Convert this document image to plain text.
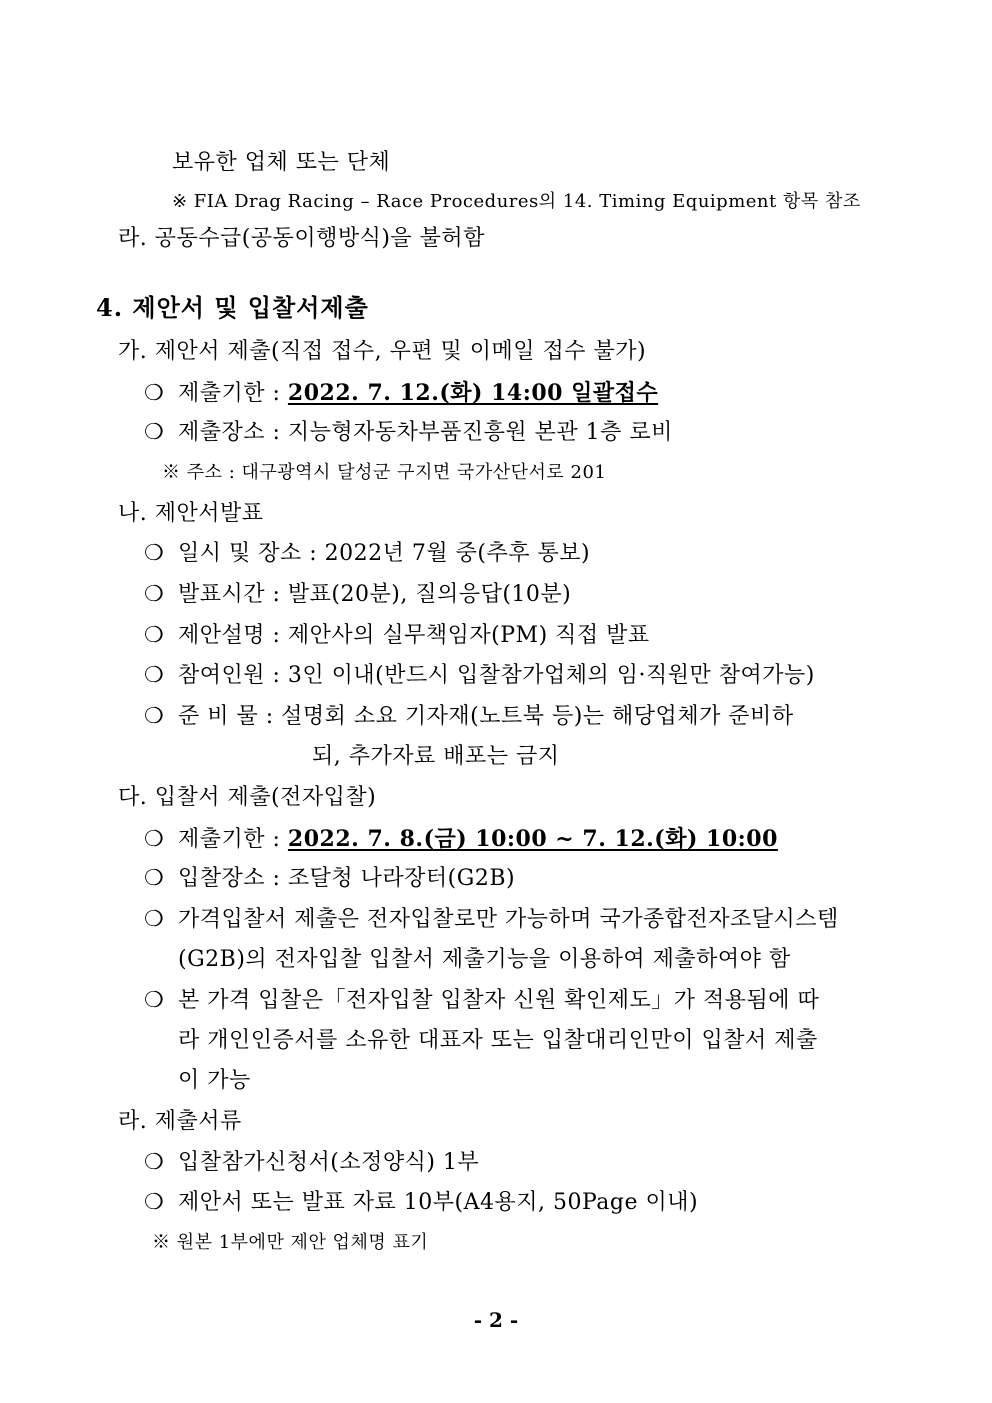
보유한 업체 또는 단체
※ FIA Drag Racing – Race Procedures의 14. Timing Equipment 항목 참조
라. 공동수급(공동이행방식)을 불허함
4. 제안서 및 입찰서제출
가. 제안서 제출(직접 접수, 우편 및 이메일 접수 불가)
❍ 제출기한 : 2022. 7. 12.(화) 14:00 일괄접수
❍ 제출장소 : 지능형자동차부품진흥원 본관 1층 로비
※ 주소 : 대구광역시 달성군 구지면 국가산단서로 201
나. 제안서발표
❍ 일시 및 장소 : 2022년 7월 중(추후 통보)
❍ 발표시간 : 발표(20분), 질의응답(10분)
❍ 제안설명 : 제안사의 실무책임자(PM) 직접 발표
❍ 참여인원 : 3인 이내(반드시 입찰참가업체의 임·직원만 참여가능)
❍ 준 비 물 : 설명회 소요 기자재(노트북 등)는 해당업체가 준비하
되, 추가자료 배포는 금지
다. 입찰서 제출(전자입찰)
❍ 제출기한 : 2022. 7. 8.(금) 10:00 ~ 7. 12.(화) 10:00
❍ 입찰장소 : 조달청 나라장터(G2B)
❍ 가격입찰서 제출은 전자입찰로만 가능하며 국가종합전자조달시스템
(G2B)의 전자입찰 입찰서 제출기능을 이용하여 제출하여야 함
❍ 본 가격 입찰은「전자입찰 입찰자 신원 확인제도」가 적용됨에 따
라 개인인증서를 소유한 대표자 또는 입찰대리인만이 입찰서 제출
이 가능
라. 제출서류
❍ 입찰참가신청서(소정양식) 1부
❍ 제안서 또는 발표 자료 10부(A4용지, 50Page 이내)
※ 원본 1부에만 제안 업체명 표기
- 2 -
